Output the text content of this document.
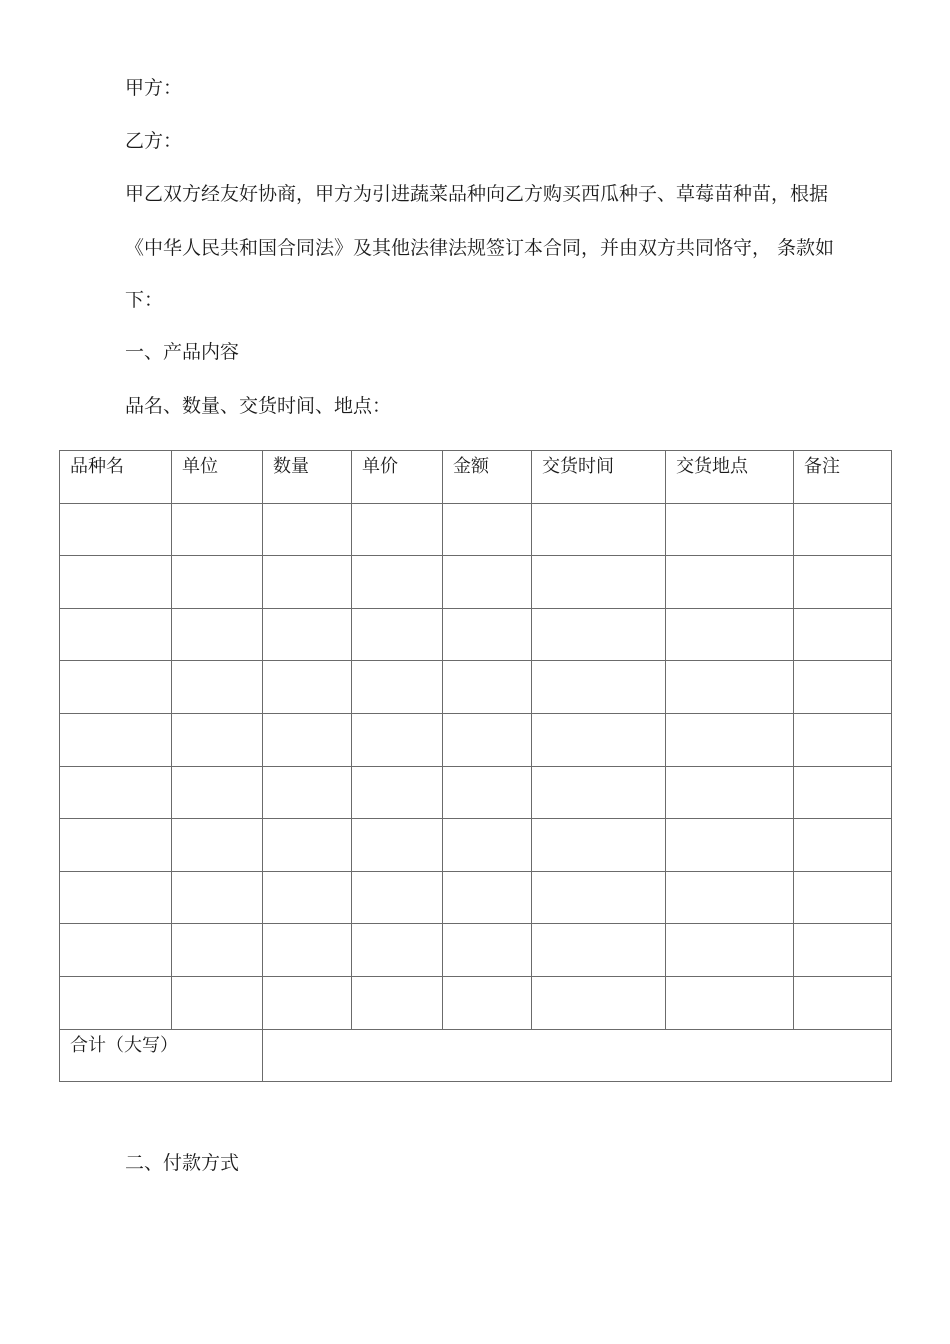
甲方：
乙方：
甲乙双方经友好协商，甲方为引进蔬菜品种向乙方购买西瓜种子、草莓苗种苗，根据
《中华人民共和国合同法》及其他法律法规签订本合同，并由双方共同恪守， 条款如
下：
一、产品内容
品名、数量、交货时间、地点：
品种名	单位	数量	单价	金额	交货时间	交货地点	备注

合计（大写）							
二、付款方式
